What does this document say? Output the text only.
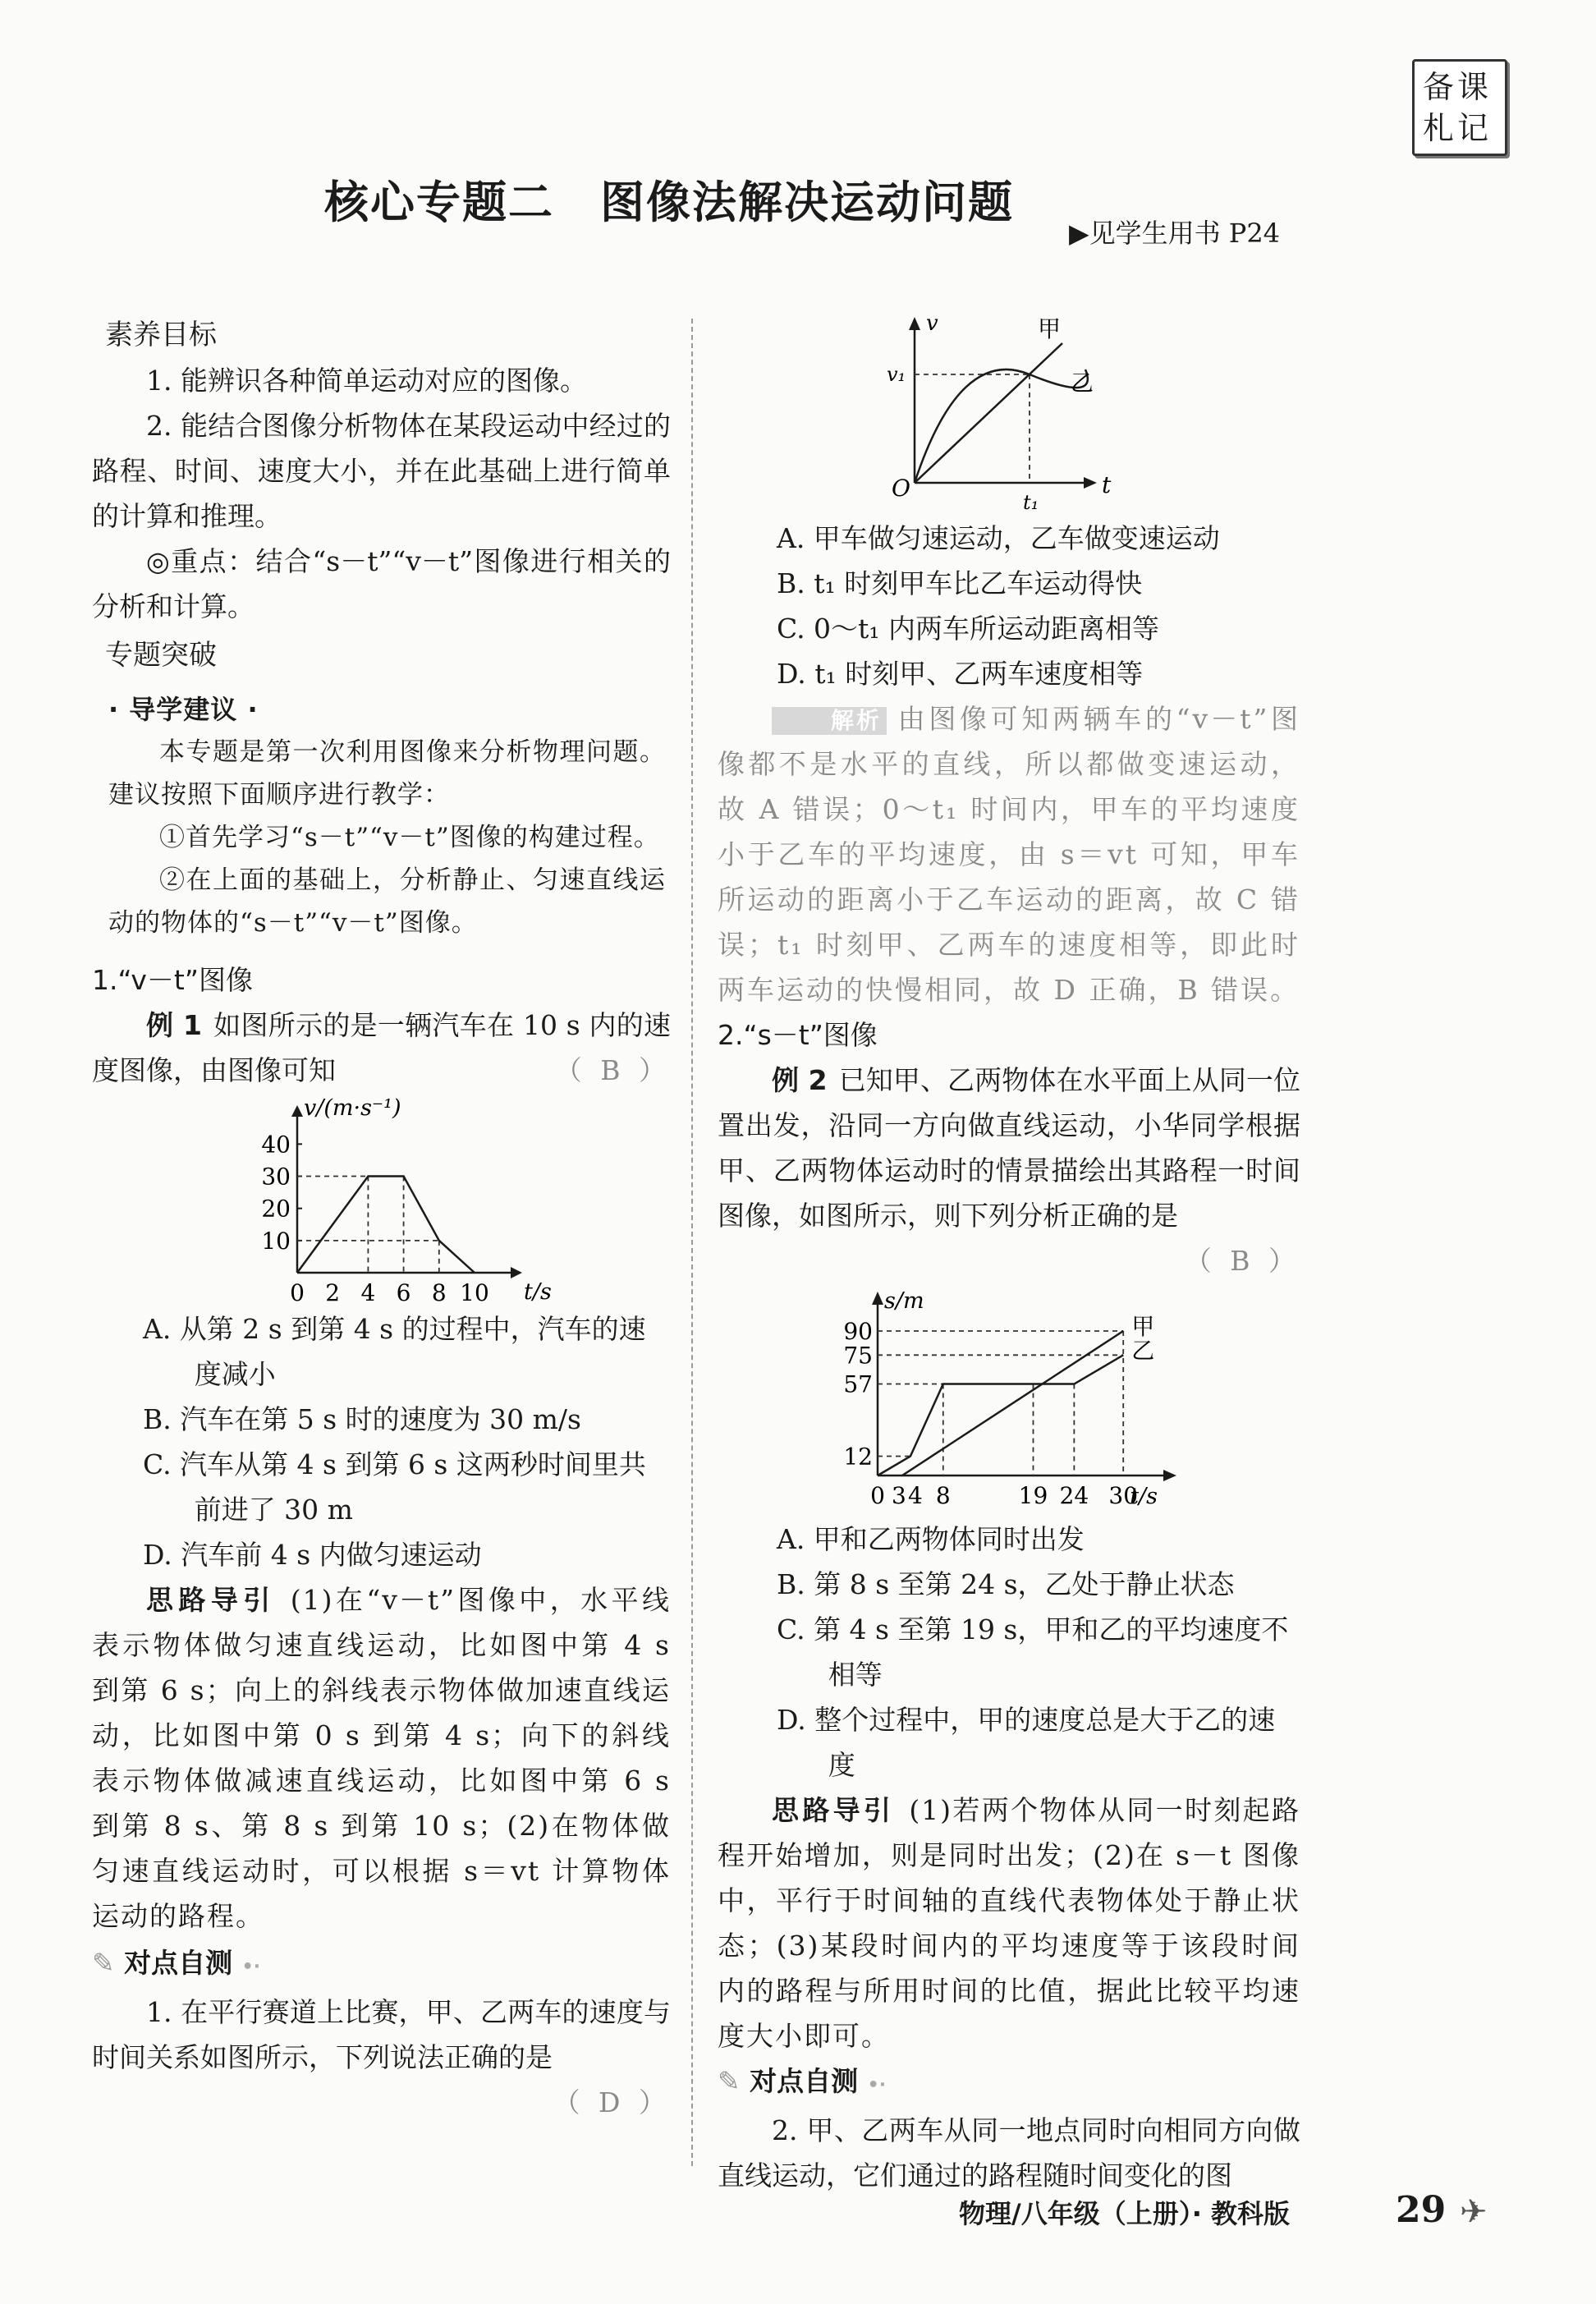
备课
札记
核心专题二　图像法解决运动问题
▶见学生用书 P24
素养目标

1. 能辨识各种简单运动对应的图像。

2. 能结合图像分析物体在某段运动中经过的路程、时间、速度大小，并在此基础上进行简单的计算和推理。

◎重点：结合“s－t”“v－t”图像进行相关的分析和计算。

专题突破
· 导学建议 ·

本专题是第一次利用图像来分析物理问题。建议按照下面顺序进行教学：

①首先学习“s－t”“v－t”图像的构建过程。

②在上面的基础上，分析静止、匀速直线运动的物体的“s－t”“v－t”图像。

1.“v－t”图像

例 1 如图所示的是一辆汽车在 10 s 内的速度图像，由图像可知	（ B ）
v/(m·s⁻¹)
t/s
10
20
30
40
0 2 4 6 8 10

A. 从第 2 s 到第 4 s 的过程中，汽车的速度减小

B. 汽车在第 5 s 时的速度为 30 m/s

C. 汽车从第 4 s 到第 6 s 这两秒时间里共前进了 30 m

D. 汽车前 4 s 内做匀速运动

思路导引 (1)在“v－t”图像中，水平线表示物体做匀速直线运动，比如图中第 4 s 到第 6 s；向上的斜线表示物体做加速直线运动，比如图中第 0 s 到第 4 s；向下的斜线表示物体做减速直线运动，比如图中第 6 s 到第 8 s、第 8 s 到第 10 s；(2)在物体做匀速直线运动时，可以根据 s＝vt 计算物体运动的路程。

✎ 对点自测 •·

1. 在平行赛道上比赛，甲、乙两车的速度与时间关系如图所示，下列说法正确的是
（ D ）

v
t
O
v₁
t₁
甲
乙

A. 甲车做匀速运动，乙车做变速运动

B. t₁ 时刻甲车比乙车运动得快

C. 0～t₁ 内两车所运动距离相等

D. t₁ 时刻甲、乙两车速度相等

解析 由图像可知两辆车的“v－t”图像都不是水平的直线，所以都做变速运动，故 A 错误；0～t₁ 时间内，甲车的平均速度小于乙车的平均速度，由 s＝vt 可知，甲车所运动的距离小于乙车运动的距离，故 C 错误；t₁ 时刻甲、乙两车的速度相等，即此时两车运动的快慢相同，故 D 正确，B 错误。

2.“s－t”图像

例 2 已知甲、乙两物体在水平面上从同一位置出发，沿同一方向做直线运动，小华同学根据甲、乙两物体运动时的情景描绘出其路程一时间图像，如图所示，则下列分析正确的是

（ B ）
s/m
t/s
12
57
75
90
0 3 4 8	19 24 30
甲
乙

A. 甲和乙两物体同时出发

B. 第 8 s 至第 24 s，乙处于静止状态

C. 第 4 s 至第 19 s，甲和乙的平均速度不相等

D. 整个过程中，甲的速度总是大于乙的速度

思路导引 (1)若两个物体从同一时刻起路程开始增加，则是同时出发；(2)在 s－t 图像中，平行于时间轴的直线代表物体处于静止状态；(3)某段时间内的平均速度等于该段时间内的路程与所用时间的比值，据此比较平均速度大小即可。

✎ 对点自测 •·

2. 甲、乙两车从同一地点同时向相同方向做直线运动，它们通过的路程随时间变化的图

物理/八年级（上册）· 教科版	29 ✈
